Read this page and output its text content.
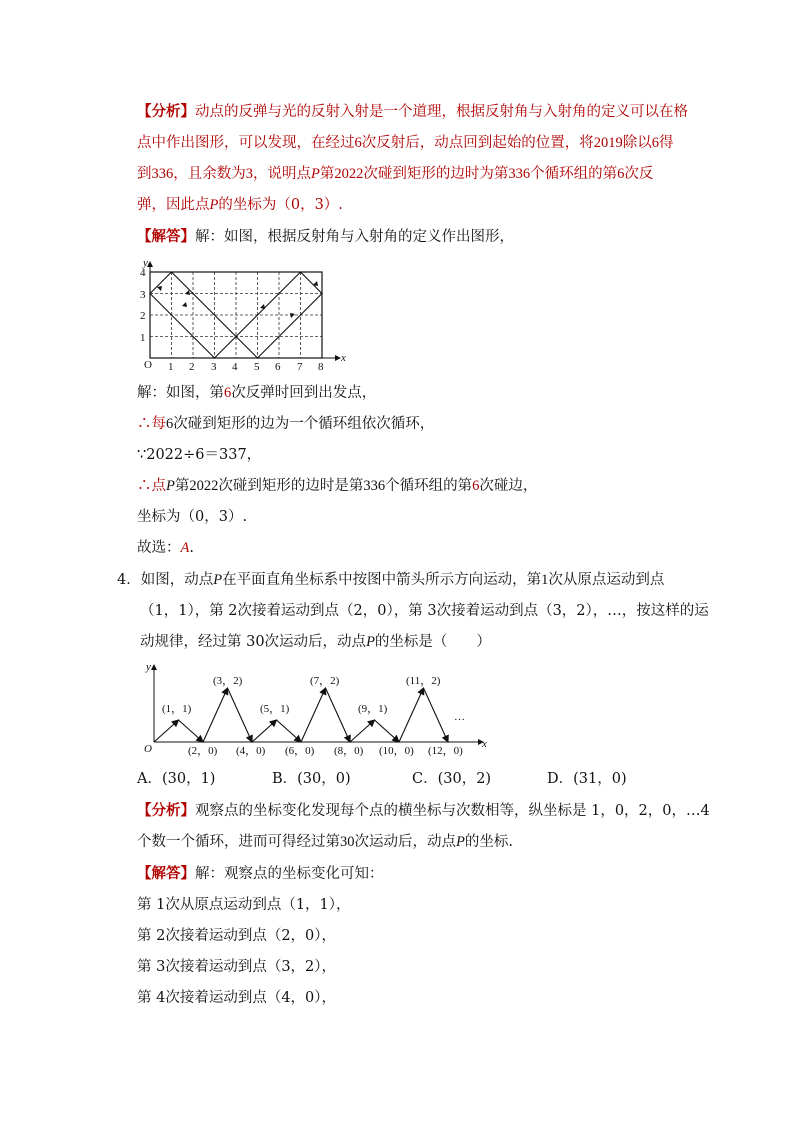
【分析】动点的反弹与光的反射入射是一个道理，根据反射角与入射角的定义可以在格
点中作出图形，可以发现，在经过6次反射后，动点回到起始的位置，将2019除以6得
到336，且余数为3，说明点P第2022次碰到矩形的边时为第336个循环组的第6次反
弹，因此点P的坐标为（0，3）.
【解答】解：如图，根据反射角与入射角的定义作出图形，
O 1 2 3 4 5 6 7 8
x
1
2
3
4
y
解：如图，第6次反弹时回到出发点，
∴每6次碰到矩形的边为一个循环组依次循环，
∵2022÷6＝337，
∴点P第2022次碰到矩形的边时是第336个循环组的第6次碰边，
坐标为（0，3）.
故选：A.
4．如图，动点P在平面直角坐标系中按图中箭头所示方向运动，第1次从原点运动到点
（1，1），第 2次接着运动到点（2，0），第 3次接着运动到点（3，2），…，按这样的运
动规律，经过第 30次运动后，动点P的坐标是（　　）
O
y
x
(1，1)
(3，2)
(5，1)
(7，2)
(9，1)
(11，2)
(2，0) (4，0) (6，0) (8，0) (10，0) (12，0)
…
A．(30，1)	B．(30，0)	C．(30，2)	D．(31，0)
【分析】观察点的坐标变化发现每个点的横坐标与次数相等，纵坐标是 1，0，2，0，…4
个数一个循环，进而可得经过第30次运动后，动点P的坐标.
【解答】解：观察点的坐标变化可知：
第 1次从原点运动到点（1，1），
第 2次接着运动到点（2，0），
第 3次接着运动到点（3，2），
第 4次接着运动到点（4，0），
